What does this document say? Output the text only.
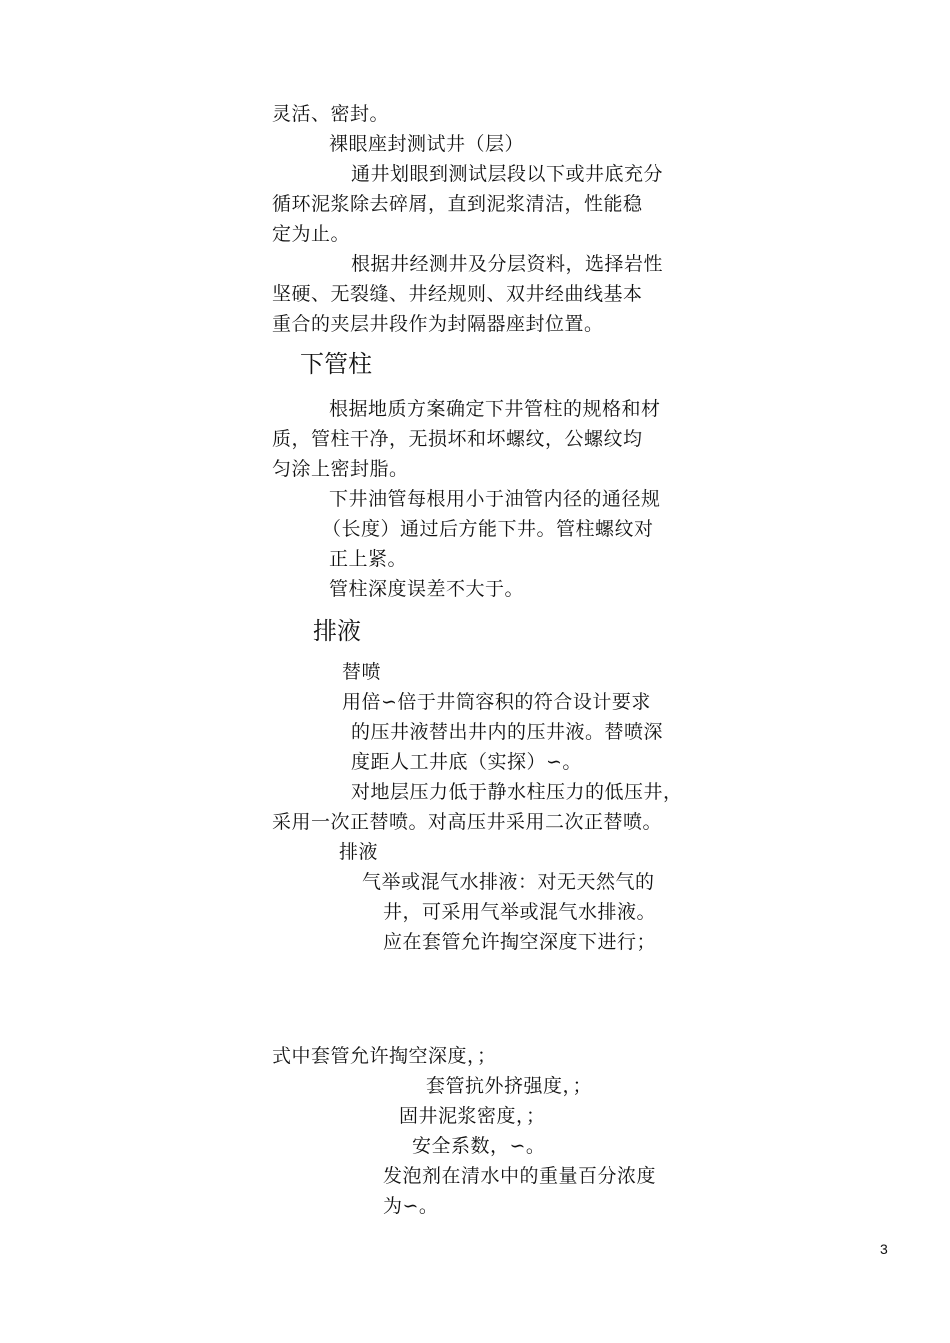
灵活、密封。
裸眼座封测试井（层）
通井划眼到测试层段以下或井底充分
循环泥浆除去碎屑，直到泥浆清洁，性能稳
定为止。
根据井经测井及分层资料，选择岩性
坚硬、无裂缝、井经规则、双井经曲线基本
重合的夹层井段作为封隔器座封位置。
下管柱
根据地质方案确定下井管柱的规格和材
质，管柱干净，无损坏和坏螺纹，公螺纹均
匀涂上密封脂。
下井油管每根用小于油管内径的通径规
（长度）通过后方能下井。管柱螺纹对
正上紧。
管柱深度误差不大于。
排液
替喷
用倍∽倍于井筒容积的符合设计要求
的压井液替出井内的压井液。替喷深
度距人工井底（实探）∽。
对地层压力低于静水柱压力的低压井，
采用一次正替喷。对高压井采用二次正替喷。
排液
气举或混气水排液：对无天然气的
井，可采用气举或混气水排液。
应在套管允许掏空深度下进行；
式中套管允许掏空深度，；
套管抗外挤强度，；
固井泥浆密度，；
安全系数，∽。
发泡剂在清水中的重量百分浓度
为∽。
3
